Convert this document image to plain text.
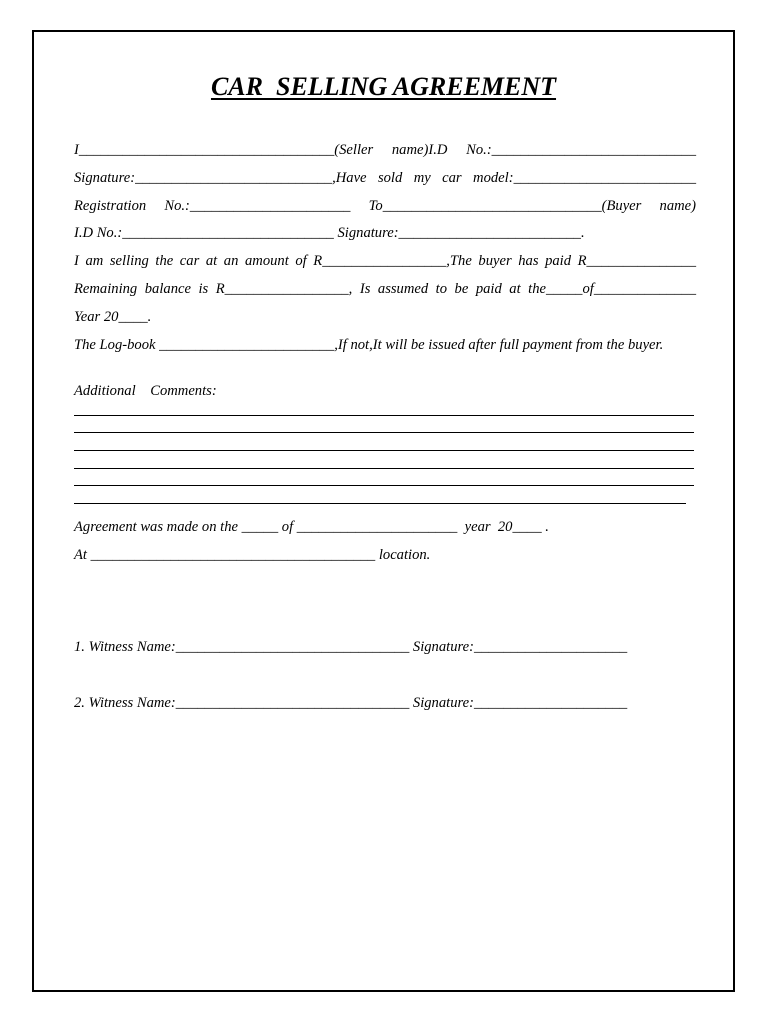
CAR  SELLING AGREEMENT
I___________________________________(Seller name)I.D No.:____________________________
Signature:___________________________,Have sold my car model:_________________________
Registration No.:______________________ To______________________________(Buyer name)
I.D No.:_____________________________ Signature:_________________________.
I am selling the car at an amount of R_________________,The buyer has paid R_______________
Remaining balance is R_________________, Is assumed to be paid at the_____of______________
Year 20____.
The Log-book ________________________,If not,It will be issued after full payment from the buyer.
Additional    Comments:
Agreement was made on the _____ of ______________________  year  20____ .
At _______________________________________ location.
1. Witness Name:________________________________ Signature:_____________________
2. Witness Name:________________________________ Signature:_____________________
